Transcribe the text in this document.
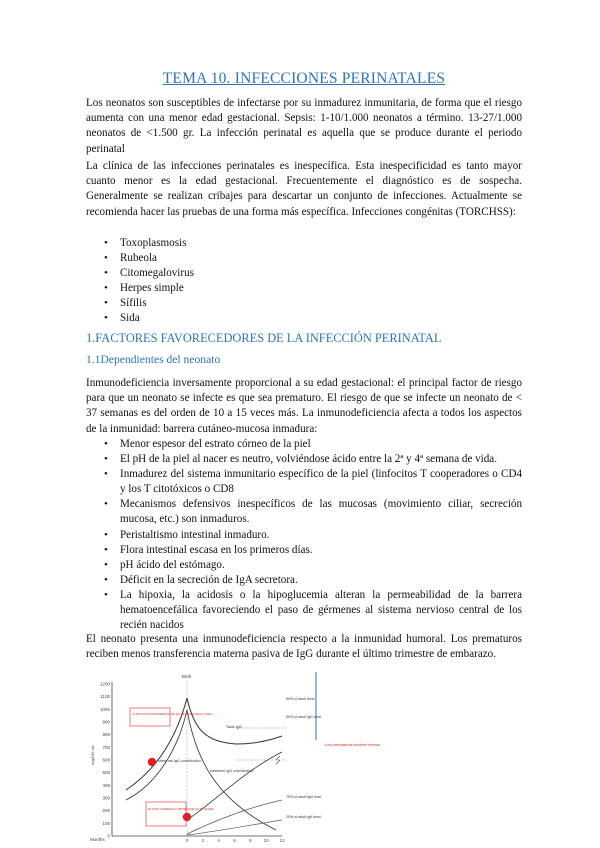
TEMA 10. INFECCIONES PERINATALES

Los neonatos son susceptibles de infectarse por su inmadurez inmunitaria, de forma que el riesgo aumenta con una menor edad gestacional. Sepsis: 1-10/1.000 neonatos a término. 13-27/1.000 neonatos de <1.500 gr. La infección perinatal es aquella que se produce durante el periodo perinatal

La clínica de las infecciones perinatales es inespecífica. Esta inespecificidad es tanto mayor cuanto menor es la edad gestacional. Frecuentemente el diagnóstico es de sospecha. Generalmente se realizan cribajes para descartar un conjunto de infecciones. Actualmente se recomienda hacer las pruebas de una forma más específica. Infecciones congénitas (TORCHSS):

• Toxoplasmosis
• Rubeola
• Citomegalovirus
• Herpes simple
• Sífilis
• Sida
1.FACTORES FAVORECEDORES DE LA INFECCIÓN PERINATAL
1.1Dependientes del neonato

Inmunodeficiencia inversamente proporcional a su edad gestacional: el principal factor de riesgo para que un neonato se infecte es que sea prematuro. El riesgo de que se infecte un neonato de < 37 semanas es del orden de 10 a 15 veces más. La inmunodeficiencia afecta a todos los aspectos de la inmunidad: barrera cutáneo-mucosa inmadura:

• Menor espesor del estrato córneo de la piel
• El pH de la piel al nacer es neutro, volviéndose ácido entre la 2ª y 4ª semana de vida.
• Inmadurez del sistema inmunitario específico de la piel (linfocitos T cooperadores o CD4 y los T citotóxicos o CD8
• Mecanismos defensivos inespecíficos de las mucosas (movimiento ciliar, secreción mucosa, etc.) son inmaduros.
• Peristaltismo intestinal inmaduro.
• Flora intestinal escasa en los primeros días.
• pH ácido del estómago.
• Déficit en la secreción de IgA secretora.
• La hipoxia, la acidosis o la hipoglucemia alteran la permeabilidad de la barrera hematoencefálica favoreciendo el paso de gérmenes al sistema nervioso central de los recién nacidos

El neonato presenta una inmunodeficiencia respecto a la inmunidad humoral. Los prematuros reciben menos transferencia materna pasiva de IgG durante el último trimestre de embarazo.

1200
1100
1000
900
800
700
600
500
400
300
200
100
0
0	2	4	6	8	10 12
mg/100 mL
Months
Birth
Total IgG
90% of adult level
60% of adult IgG level
Maternal IgG contribution
Newborn IgG contribution
75% of adult IgM level
20% of adult IgA level
LA MAYOR TRANSFERENCIA DE IgG SE PRODUCE AL FINAL
EL NIÑO COMIENZA A SINTETIZAR IgG AL NACER
Los prematuros reciben menos
